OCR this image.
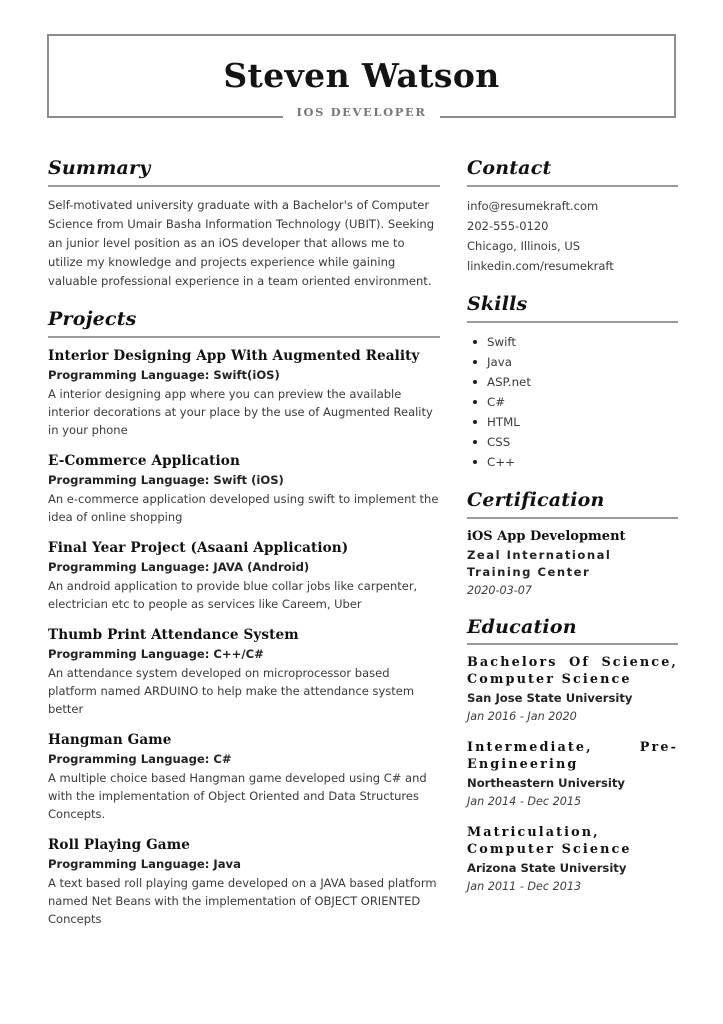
Steven Watson
IOS DEVELOPER
Summary
Self-motivated university graduate with a Bachelor's of Computer Science from Umair Basha Information Technology (UBIT). Seeking an junior level position as an iOS developer that allows me to utilize my knowledge and projects experience while gaining valuable professional experience in a team oriented environment.
Projects
Interior Designing App With Augmented Reality
Programming Language: Swift(iOS)
A interior designing app where you can preview the available interior decorations at your place by the use of Augmented Reality in your phone
E-Commerce Application
Programming Language: Swift (iOS)
An e-commerce application developed using swift to implement the idea of online shopping
Final Year Project (Asaani Application)
Programming Language: JAVA (Android)
An android application to provide blue collar jobs like carpenter, electrician etc to people as services like Careem, Uber
Thumb Print Attendance System
Programming Language: C++/C#
An attendance system developed on microprocessor based platform named ARDUINO to help make the attendance system better
Hangman Game
Programming Language: C#
A multiple choice based Hangman game developed using C# and with the implementation of Object Oriented and Data Structures Concepts.
Roll Playing Game
Programming Language: Java
A text based roll playing game developed on a JAVA based platform named Net Beans with the implementation of OBJECT ORIENTED Concepts
Contact
info@resumekraft.com
202-555-0120
Chicago, Illinois, US
linkedin.com/resumekraft
Skills
Swift
Java
ASP.net
C#
HTML
CSS
C++
Certification
iOS App Development
Zeal International Training Center
2020-03-07
Education
Bachelors Of Science, Computer Science
San Jose State University
Jan 2016 - Jan 2020
Intermediate, Pre-Engineering
Northeastern University
Jan 2014 - Dec 2015
Matriculation, Computer Science
Arizona State University
Jan 2011 - Dec 2013
